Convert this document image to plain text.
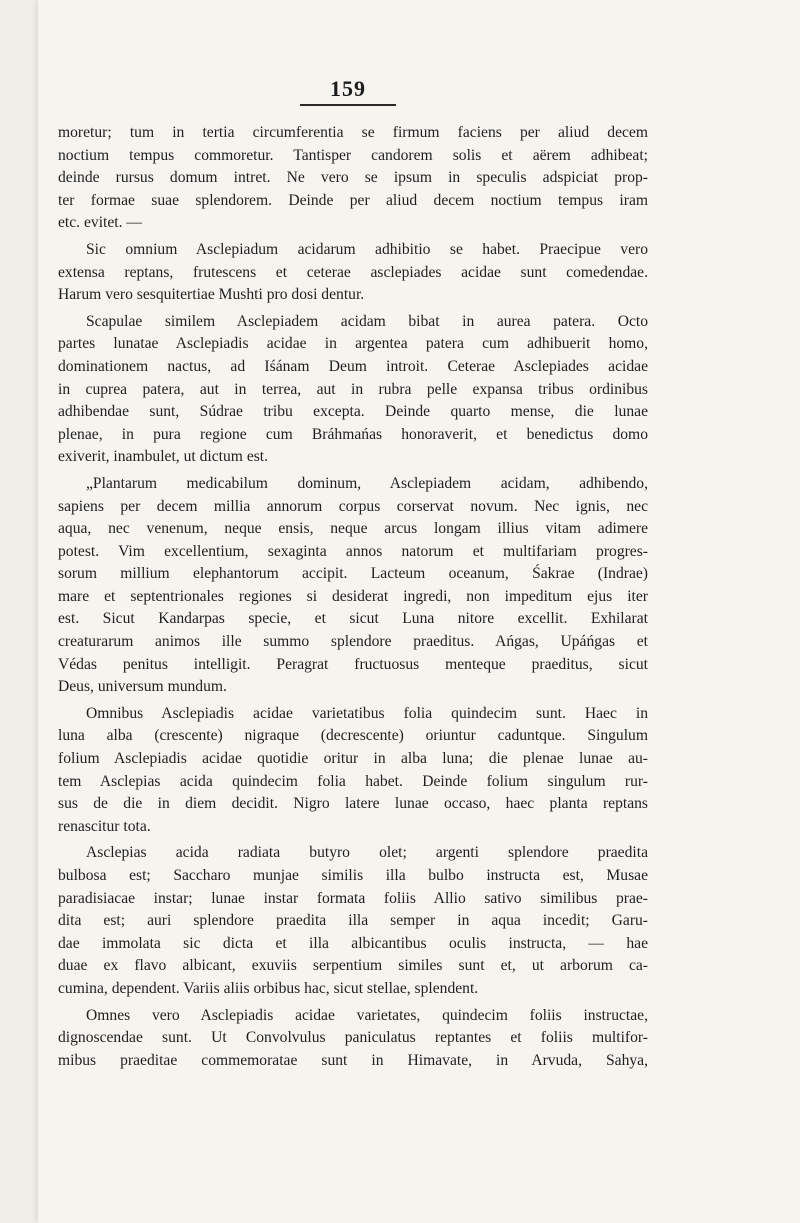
159
moretur; tum in tertia circumferentia se firmum faciens per aliud decem
noctium tempus commoretur. Tantisper candorem solis et aërem adhibeat;
deinde rursus domum intret. Ne vero se ipsum in speculis adspiciat prop-
ter formae suae splendorem. Deinde per aliud decem noctium tempus iram
etc. evitet. —
Sic omnium Asclepiadum acidarum adhibitio se habet. Praecipue vero
extensa reptans, frutescens et ceterae asclepiades acidae sunt comedendae.
Harum vero sesquitertiae Mushti pro dosi dentur.
Scapulae similem Asclepiadem acidam bibat in aurea patera. Octo
partes lunatae Asclepiadis acidae in argentea patera cum adhibuerit homo,
dominationem nactus, ad Iśánam Deum introit. Ceterae Asclepiades acidae
in cuprea patera, aut in terrea, aut in rubra pelle expansa tribus ordinibus
adhibendae sunt, Súdrae tribu excepta. Deinde quarto mense, die lunae
plenae, in pura regione cum Bráhmańas honoraverit, et benedictus domo
exiverit, inambulet, ut dictum est.
„Plantarum medicabilum dominum, Asclepiadem acidam, adhibendo,
sapiens per decem millia annorum corpus corservat novum. Nec ignis, nec
aqua, nec venenum, neque ensis, neque arcus longam illius vitam adimere
potest. Vim excellentium, sexaginta annos natorum et multifariam progres-
sorum millium elephantorum accipit. Lacteum oceanum, Śakrae (Indrae)
mare et septentrionales regiones si desiderat ingredi, non impeditum ejus iter
est. Sicut Kandarpas specie, et sicut Luna nitore excellit. Exhilarat
creaturarum animos ille summo splendore praeditus. Ańgas, Upáńgas et
Védas penitus intelligit. Peragrat fructuosus menteque praeditus, sicut
Deus, universum mundum.
Omnibus Asclepiadis acidae varietatibus folia quindecim sunt. Haec in
luna alba (crescente) nigraque (decrescente) oriuntur caduntque. Singulum
folium Asclepiadis acidae quotidie oritur in alba luna; die plenae lunae au-
tem Asclepias acida quindecim folia habet. Deinde folium singulum rur-
sus de die in diem decidit. Nigro latere lunae occaso, haec planta reptans
renascitur tota.
Asclepias acida radiata butyro olet; argenti splendore praedita
bulbosa est; Saccharo munjae similis illa bulbo instructa est, Musae
paradisiacae instar; lunae instar formata foliis Allio sativo similibus prae-
dita est; auri splendore praedita illa semper in aqua incedit; Garu-
dae immolata sic dicta et illa albicantibus oculis instructa, — hae
duae ex flavo albicant, exuviis serpentium similes sunt et, ut arborum ca-
cumina, dependent. Variis aliis orbibus hac, sicut stellae, splendent.
Omnes vero Asclepiadis acidae varietates, quindecim foliis instructae,
dignoscendae sunt. Ut Convolvulus paniculatus reptantes et foliis multifor-
mibus praeditae commemoratae sunt in Himavate, in Arvuda, Sahya,
